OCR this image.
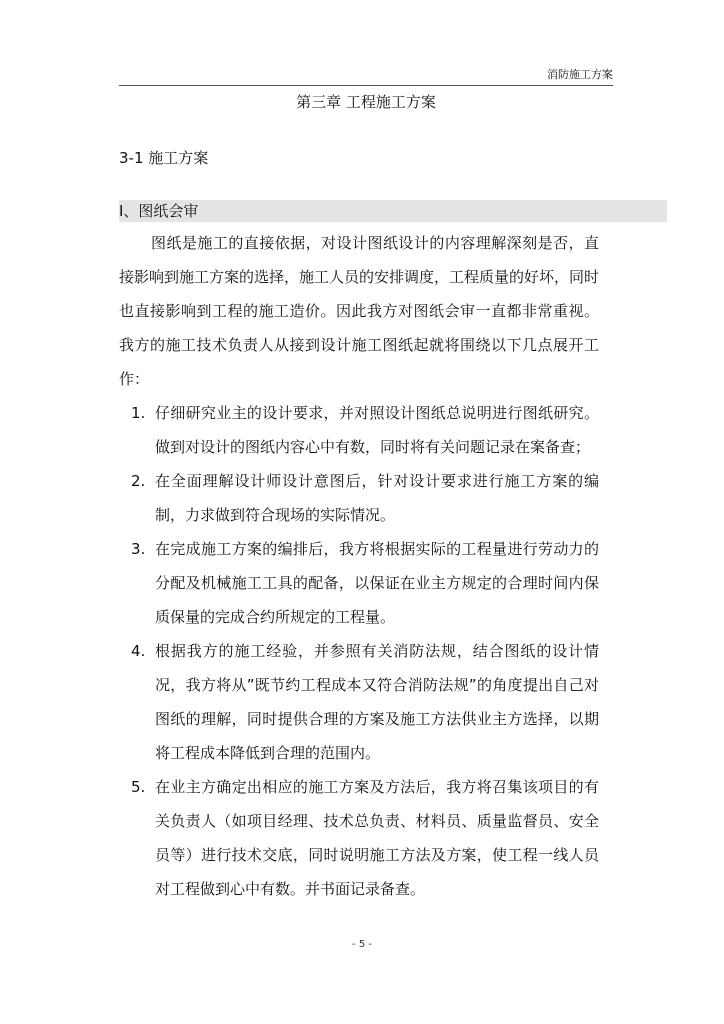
消防施工方案
第三章 工程施工方案
3-1 施工方案
Ⅰ、图纸会审

图纸是施工的直接依据，对设计图纸设计的内容理解深刻是否，直接影响到施工方案的选择，施工人员的安排调度，工程质量的好坏，同时也直接影响到工程的施工造价。因此我方对图纸会审一直都非常重视。 我方的施工技术负责人从接到设计施工图纸起就将围绕以下几点展开工作：

1. 仔细研究业主的设计要求，并对照设计图纸总说明进行图纸研究。做到对设计的图纸内容心中有数，同时将有关问题记录在案备查；
2. 在全面理解设计师设计意图后，针对设计要求进行施工方案的编制，力求做到符合现场的实际情况。
3. 在完成施工方案的编排后，我方将根据实际的工程量进行劳动力的分配及机械施工工具的配备，以保证在业主方规定的合理时间内保质保量的完成合约所规定的工程量。
4. 根据我方的施工经验，并参照有关消防法规，结合图纸的设计情况，我方将从”既节约工程成本又符合消防法规”的角度提出自己对图纸的理解，同时提供合理的方案及施工方法供业主方选择，以期将工程成本降低到合理的范围内。
5. 在业主方确定出相应的施工方案及方法后，我方将召集该项目的有关负责人（如项目经理、技术总负责、材料员、质量监督员、安全员等）进行技术交底，同时说明施工方法及方案，使工程一线人员对工程做到心中有数。并书面记录备查。
- 5 -
